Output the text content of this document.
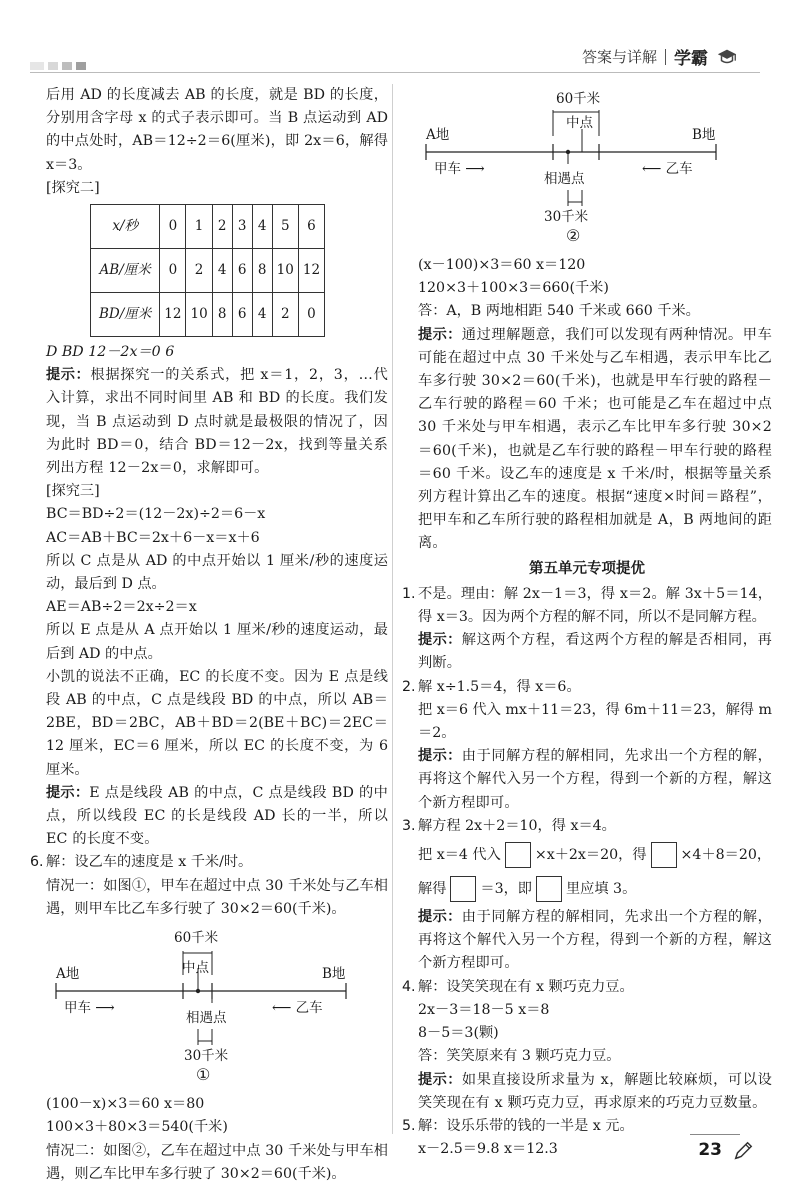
答案与详解 学霸
后用 AD 的长度减去 AB 的长度，就是 BD 的长度，分别用含字母 x 的式子表示即可。当 B 点运动到 AD 的中点处时，AB＝12÷2＝6(厘米)，即 2x＝6，解得 x＝3。
[探究二]
x/秒	0	1	2	3	4	5	6
AB/厘米	0	2	4	6	8	10	12
BD/厘米	12	10	8	6	4	2	0
D BD 12－2x＝0 6
提示：根据探究一的关系式，把 x＝1，2，3，…代入计算，求出不同时间里 AB 和 BD 的长度。我们发现，当 B 点运动到 D 点时就是最极限的情况了，因为此时 BD＝0，结合 BD＝12－2x，找到等量关系列出方程 12－2x＝0，求解即可。
[探究三]
BC＝BD÷2＝(12－2x)÷2＝6－x
AC＝AB＋BC＝2x＋6－x＝x＋6
所以 C 点是从 AD 的中点开始以 1 厘米/秒的速度运动，最后到 D 点。
AE＝AB÷2＝2x÷2＝x
所以 E 点是从 A 点开始以 1 厘米/秒的速度运动，最后到 AD 的中点。
小凯的说法不正确，EC 的长度不变。因为 E 点是线段 AB 的中点，C 点是线段 BD 的中点，所以 AB＝2BE，BD＝2BC，AB＋BD＝2(BE＋BC)＝2EC＝12 厘米，EC＝6 厘米，所以 EC 的长度不变，为 6 厘米。
提示：E 点是线段 AB 的中点，C 点是线段 BD 的中点，所以线段 EC 的长是线段 AD 长的一半，所以 EC 的长度不变。
6. 解：设乙车的速度是 x 千米/时。
情况一：如图①，甲车在超过中点 30 千米处与乙车相遇，则甲车比乙车多行驶了 30×2＝60(千米)。
60千米
中点
A地	B地
甲车 ⟶	⟵ 乙车
相遇点
30千米
①
(100－x)×3＝60 x＝80
100×3＋80×3＝540(千米)
情况二：如图②，乙车在超过中点 30 千米处与甲车相遇，则乙车比甲车多行驶了 30×2＝60(千米)。
60千米
中点
A地	B地
甲车 ⟶	⟵ 乙车
相遇点
30千米
②
(x－100)×3＝60 x＝120
120×3＋100×3＝660(千米)
答：A，B 两地相距 540 千米或 660 千米。
提示：通过理解题意，我们可以发现有两种情况。甲车可能在超过中点 30 千米处与乙车相遇，表示甲车比乙车多行驶 30×2＝60(千米)，也就是甲车行驶的路程－乙车行驶的路程＝60 千米；也可能是乙车在超过中点 30 千米处与甲车相遇，表示乙车比甲车多行驶 30×2＝60(千米)，也就是乙车行驶的路程－甲车行驶的路程＝60 千米。设乙车的速度是 x 千米/时，根据等量关系列方程计算出乙车的速度。根据“速度×时间＝路程”，把甲车和乙车所行驶的路程相加就是 A，B 两地间的距离。
第五单元专项提优
1. 不是。理由：解 2x－1＝3，得 x＝2。解 3x＋5＝14，得 x＝3。因为两个方程的解不同，所以不是同解方程。
提示：解这两个方程，看这两个方程的解是否相同，再判断。
2. 解 x÷1.5＝4，得 x＝6。
把 x＝6 代入 mx＋11＝23，得 6m＋11＝23，解得 m＝2。
提示：由于同解方程的解相同，先求出一个方程的解，再将这个解代入另一个方程，得到一个新的方程，解这个新方程即可。
3. 解方程 2x＋2＝10，得 x＝4。
把 x＝4 代入 ×x＋2x＝20，得 ×4＋8＝20，
解得 ＝3，即 里应填 3。
提示：由于同解方程的解相同，先求出一个方程的解，再将这个解代入另一个方程，得到一个新的方程，解这个新方程即可。
4. 解：设笑笑现在有 x 颗巧克力豆。
2x－3＝18－5 x＝8
8－5＝3(颗)
答：笑笑原来有 3 颗巧克力豆。
提示：如果直接设所求量为 x，解题比较麻烦，可以设笑笑现在有 x 颗巧克力豆，再求原来的巧克力豆数量。
5. 解：设乐乐带的钱的一半是 x 元。
x－2.5＝9.8 x＝12.3	23
